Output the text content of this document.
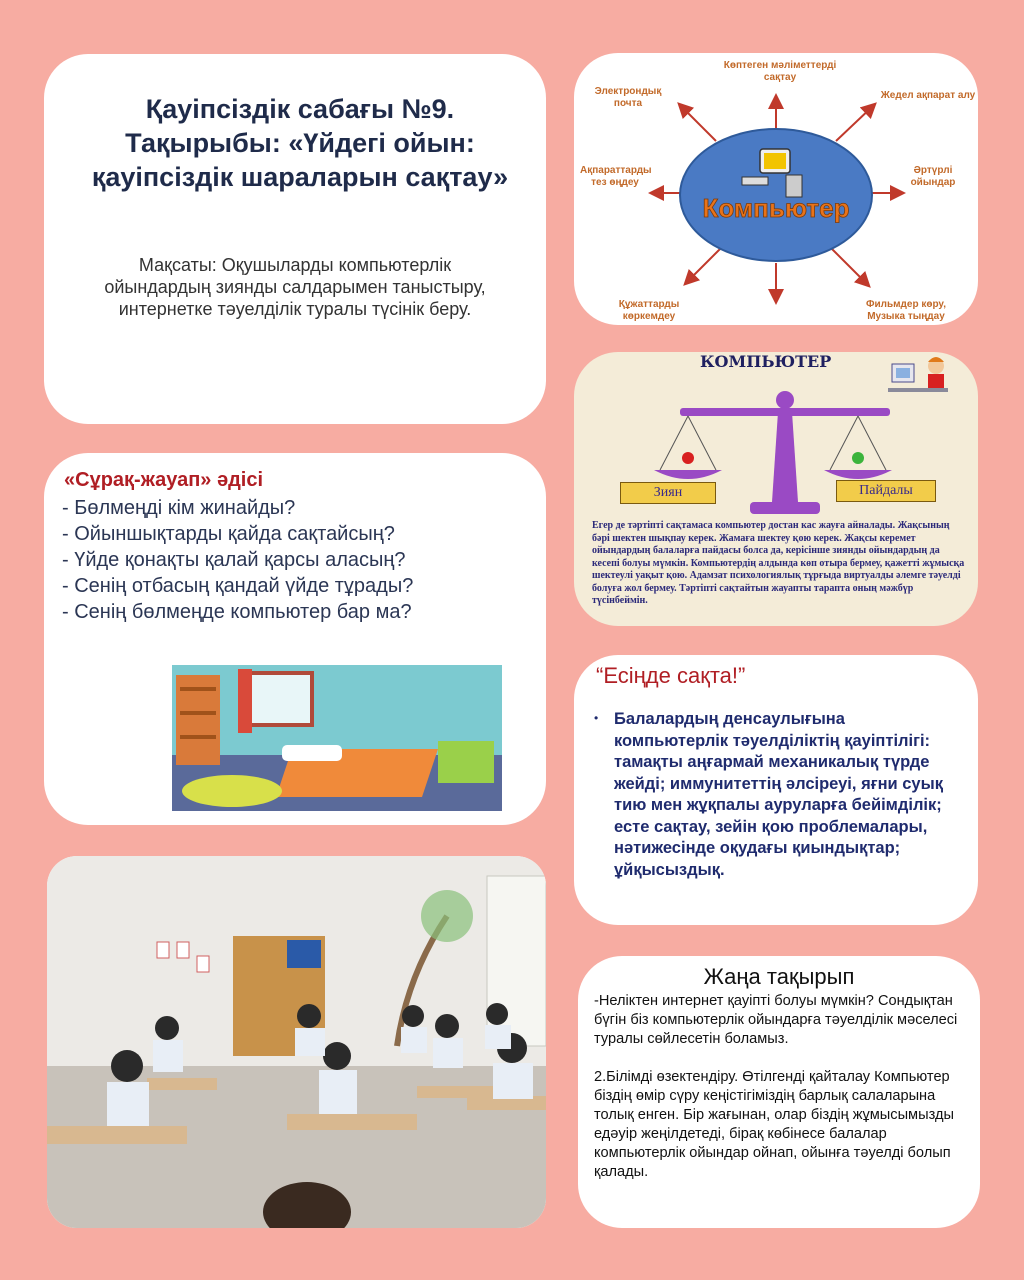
Қауіпсіздік сабағы №9.
Тақырыбы: «Үйдегі ойын: қауіпсіздік шараларын сақтау»
Мақсаты: Оқушыларды компьютерлік ойындардың зиянды салдарымен таныстыру, интернетке тәуелділік туралы түсінік беру.
Компьютер
Көптеген мәліметтерді сақтау
Электрондық почта
Жедел ақпарат алу
Ақпараттарды тез өңдеу
Әртүрлі ойындар
Құжаттарды көркемдеу
Фильмдер көру, Музыка тыңдау
КОМПЬЮТЕР
Зиян	Пайдалы
Егер де тәртіпті сақтамаса компьютер достан кас жауға айналады. Жақсының бәрі шектен шықпау керек. Жамаға шектеу қою керек. Жақсы керемет ойындардың балаларға пайдасы болса да, керісінше зиянды ойындардың да кесепі болуы мүмкін. Компьютердің алдында көп отыра бермеу, қажетті жұмысқа шектеулі уақыт қою. Адамзат психологиялық тұрғыда виртуалды әлемге тәуелді болуға жол бермеу. Тәртіпті сақтайтын жауапты тарапта оның мәжбүр түсінбеймін.
«Сұрақ-жауап» әдісі
- Бөлмеңді кім жинайды?
- Ойыншықтарды қайда сақтайсың?
- Үйде қонақты қалай қарсы аласың?
- Сенің отбасың қандай үйде тұрады?
- Сенің бөлмеңде компьютер бар ма?
“Есіңде сақта!”
• Балалардың денсаулығына компьютерлік тәуелділіктің қауіптілігі: тамақты аңғармай механикалық түрде жейді; иммунитеттің әлсіреуі, яғни суық тию мен жұқпалы ауруларға бейімділік; есте сақтау, зейін қою проблемалары, нәтижесінде оқудағы қиындықтар; ұйқысыздық.
Жаңа тақырып

-Неліктен интернет қауіпті болуы мүмкін? Сондықтан бүгін біз компьютерлік ойындарға тәуелділік мәселесі туралы сөйлесетін боламыз.

2.Білімді өзектендіру. Өтілгенді қайталау Компьютер біздің өмір сүру кеңістігіміздің барлық салаларына толық енген. Бір жағынан, олар біздің жұмысымызды едәуір жеңілдетеді, бірақ көбінесе балалар компьютерлік ойындар ойнап, ойынға тәуелді болып қалады.
